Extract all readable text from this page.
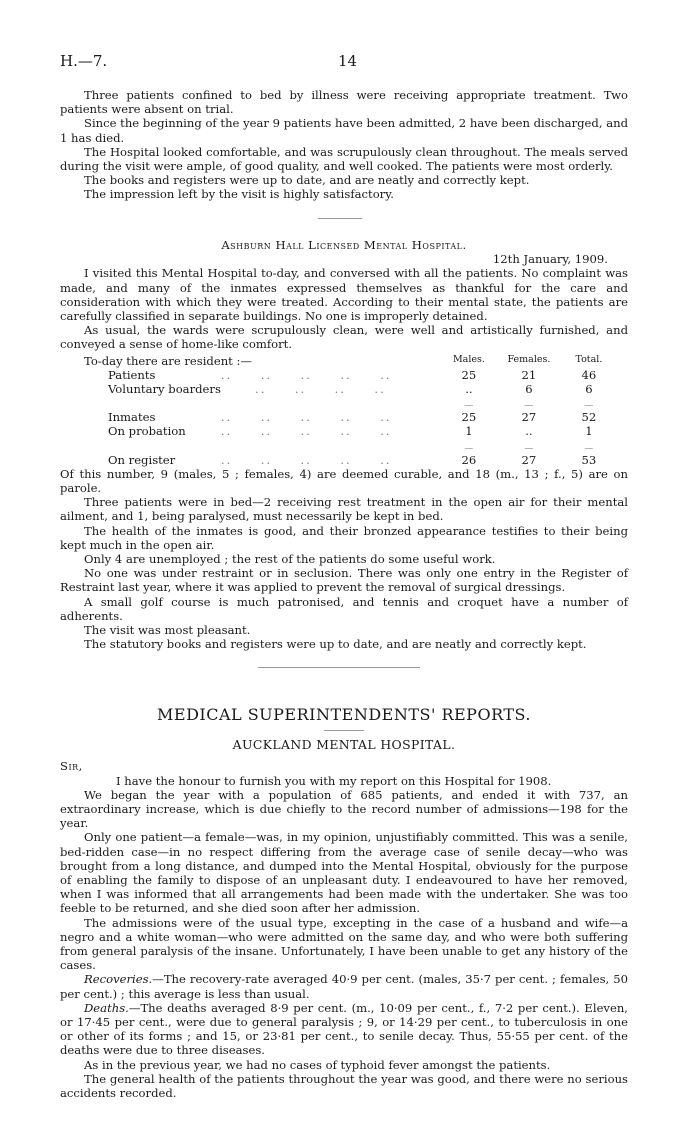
H.—7.	14

Three patients confined to bed by illness were receiving appropriate treatment. Two patients were absent on trial.

Since the beginning of the year 9 patients have been admitted, 2 have been discharged, and 1 has died.

The Hospital looked comfortable, and was scrupulously clean throughout. The meals served during the visit were ample, of good quality, and well cooked. The patients were most orderly.

The books and registers were up to date, and are neatly and correctly kept.

The impression left by the visit is highly satisfactory.

Ashburn Hall Licensed Mental Hospital.
12th January, 1909.

I visited this Mental Hospital to-day, and conversed with all the patients. No complaint was made, and many of the inmates expressed themselves as thankful for the care and consideration with which they were treated. According to their mental state, the patients are carefully classified in separate buildings. No one is improperly detained.

As usual, the wards were scrupulously clean, were well and artistically furnished, and conveyed a sense of home-like comfort.

To-day there are resident :—		Males.	Females.	Total.
Patients	..     ..     ..     ..     ..	25	21	46
Voluntary boarders	..     ..     ..     ..	..	6	6
		—	—	—
Inmates	..     ..     ..     ..     ..	25	27	52
On probation	..     ..     ..     ..     ..	1	..	1
		—	—	—
On register	..     ..     ..     ..     ..	26	27	53

Of this number, 9 (males, 5 ; females, 4) are deemed curable, and 18 (m., 13 ; f., 5) are on parole.

Three patients were in bed—2 receiving rest treatment in the open air for their mental ailment, and 1, being paralysed, must necessarily be kept in bed.

The health of the inmates is good, and their bronzed appearance testifies to their being kept much in the open air.

Only 4 are unemployed ; the rest of the patients do some useful work.

No one was under restraint or in seclusion. There was only one entry in the Register of Restraint last year, where it was applied to prevent the removal of surgical dressings.

A small golf course is much patronised, and tennis and croquet have a number of adherents.

The visit was most pleasant.

The statutory books and registers were up to date, and are neatly and correctly kept.

MEDICAL SUPERINTENDENTS' REPORTS.
AUCKLAND MENTAL HOSPITAL.

Sir,

I have the honour to furnish you with my report on this Hospital for 1908.

We began the year with a population of 685 patients, and ended it with 737, an extraordinary increase, which is due chiefly to the record number of admissions—198 for the year.

Only one patient—a female—was, in my opinion, unjustifiably committed. This was a senile, bed-ridden case—in no respect differing from the average case of senile decay—who was brought from a long distance, and dumped into the Mental Hospital, obviously for the purpose of enabling the family to dispose of an unpleasant duty. I endeavoured to have her removed, when I was informed that all arrangements had been made with the undertaker. She was too feeble to be returned, and she died soon after her admission.

The admissions were of the usual type, excepting in the case of a husband and wife—a negro and a white woman—who were admitted on the same day, and who were both suffering from general paralysis of the insane. Unfortunately, I have been unable to get any history of the cases.

Recoveries.—The recovery-rate averaged 40·9 per cent. (males, 35·7 per cent. ; females, 50 per cent.) ; this average is less than usual.

Deaths.—The deaths averaged 8·9 per cent. (m., 10·09 per cent., f., 7·2 per cent.). Eleven, or 17·45 per cent., were due to general paralysis ; 9, or 14·29 per cent., to tuberculosis in one or other of its forms ; and 15, or 23·81 per cent., to senile decay. Thus, 55·55 per cent. of the deaths were due to three diseases.

As in the previous year, we had no cases of typhoid fever amongst the patients.

The general health of the patients throughout the year was good, and there were no serious accidents recorded.
